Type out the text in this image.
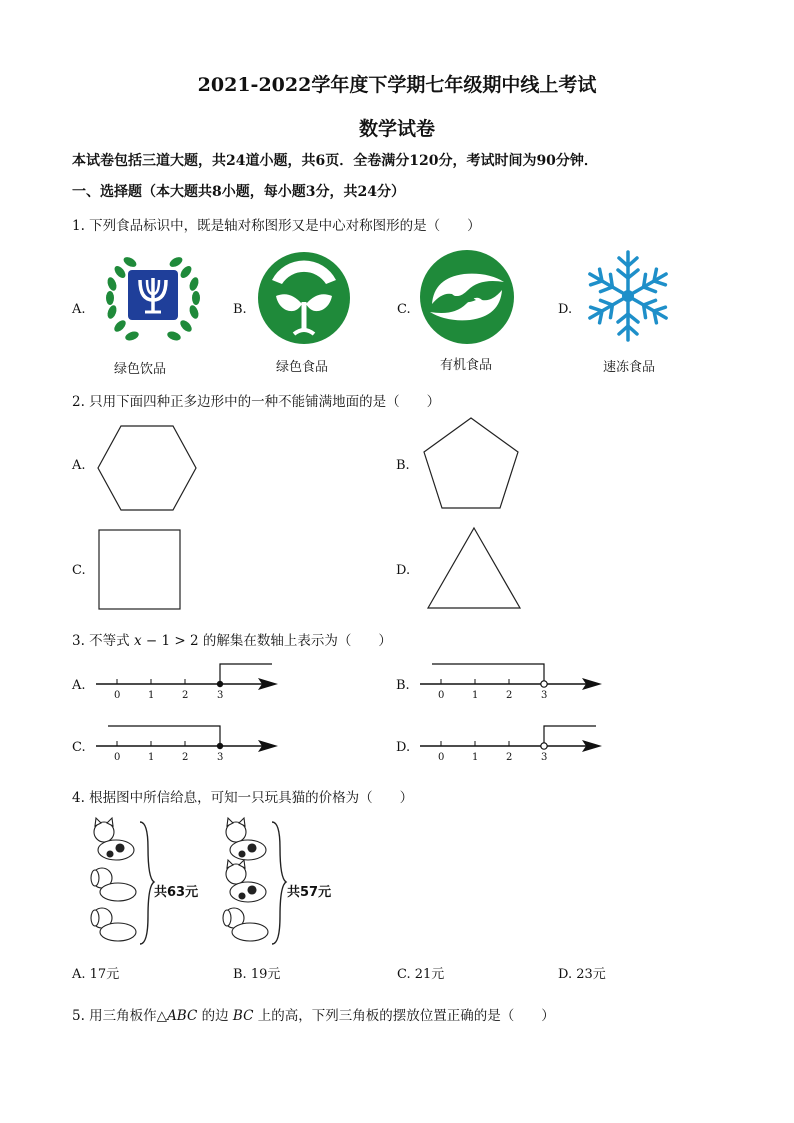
2021-2022学年度下学期七年级期中线上考试
数学试卷
本试卷包括三道大题，共24道小题，共6页．全卷满分120分，考试时间为90分钟．
一、选择题（本大题共8小题，每小题3分，共24分）
1. 下列食品标识中，既是轴对称图形又是中心对称图形的是（　　）
A.
绿色饮品
B.
绿色食品
C.
有机食品
D.
速冻食品
2. 只用下面四种正多边形中的一种不能铺满地面的是（　　）
A.	B.
C.	D.
3. 不等式 x − 1 > 2 的解集在数轴上表示为（　　）
A.
0	1	2	3
B.
0	1	2	3
C.
0	1	2	3
D.
0	1	2	3
4. 根据图中所信给息，可知一只玩具猫的价格为（　　）
共63元	共57元
A. 17元	B. 19元	C. 21元	D. 23元
5. 用三角板作△ABC 的边 BC 上的高，下列三角板的摆放位置正确的是（　　）
